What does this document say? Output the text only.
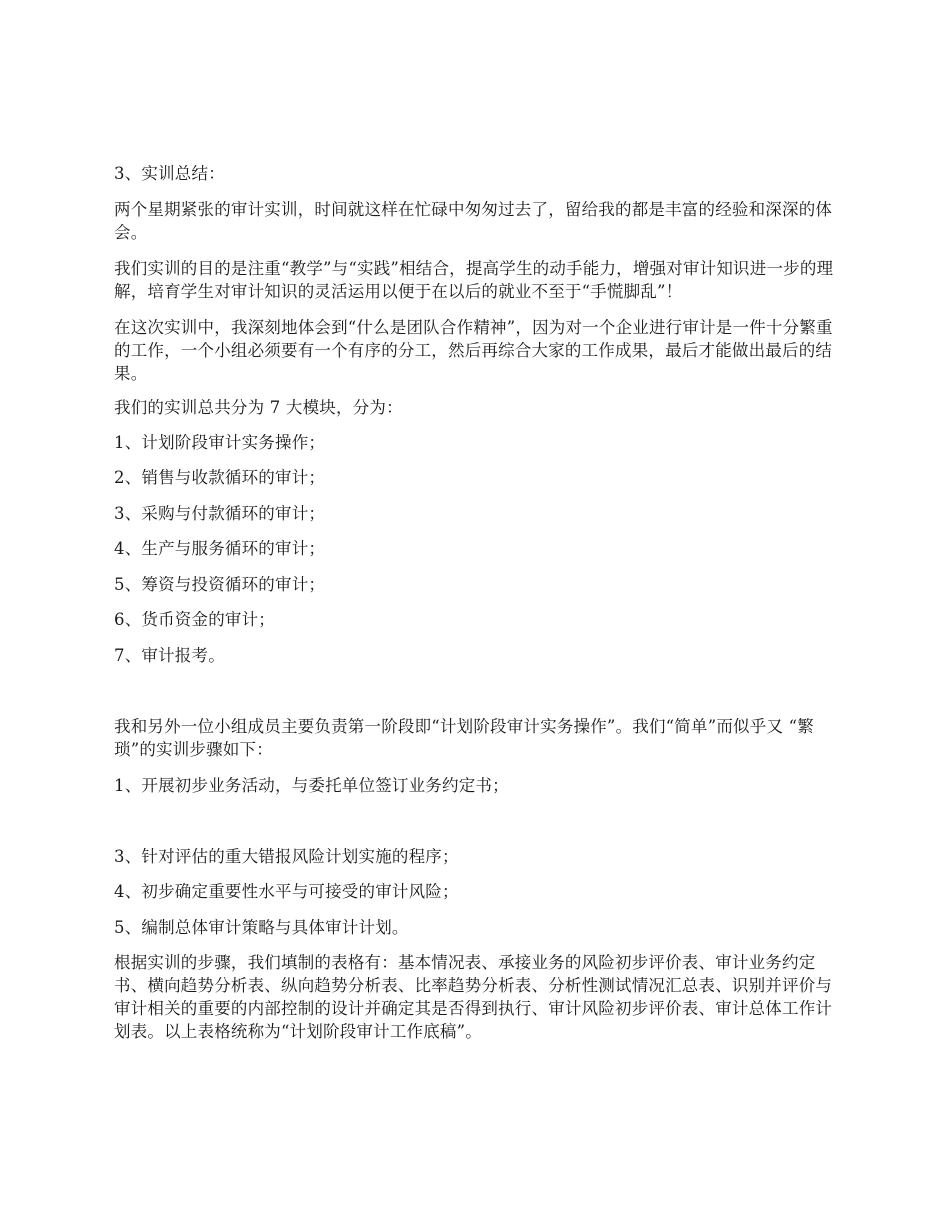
3、实训总结：

两个星期紧张的审计实训，时间就这样在忙碌中匆匆过去了，留给我的都是丰富的经验和深深的体会。

我们实训的目的是注重“教学”与“实践”相结合，提高学生的动手能力，增强对审计知识进一步的理解，培育学生对审计知识的灵活运用以便于在以后的就业不至于“手慌脚乱”！

在这次实训中，我深刻地体会到“什么是团队合作精神”，因为对一个企业进行审计是一件十分繁重的工作，一个小组必须要有一个有序的分工，然后再综合大家的工作成果，最后才能做出最后的结果。

我们的实训总共分为 7 大模块，分为：

1、计划阶段审计实务操作；

2、销售与收款循环的审计；

3、采购与付款循环的审计；

4、生产与服务循环的审计；

5、筹资与投资循环的审计；

6、货币资金的审计；

7、审计报考。

我和另外一位小组成员主要负责第一阶段即“计划阶段审计实务操作”。我们“简单”而似乎又 “繁琐”的实训步骤如下：

1、开展初步业务活动，与委托单位签订业务约定书；

3、针对评估的重大错报风险计划实施的程序；

4、初步确定重要性水平与可接受的审计风险；

5、编制总体审计策略与具体审计计划。

根据实训的步骤，我们填制的表格有：基本情况表、承接业务的风险初步评价表、审计业务约定书、横向趋势分析表、纵向趋势分析表、比率趋势分析表、分析性测试情况汇总表、识别并评价与审计相关的重要的内部控制的设计并确定其是否得到执行、审计风险初步评价表、审计总体工作计划表。以上表格统称为“计划阶段审计工作底稿”。
